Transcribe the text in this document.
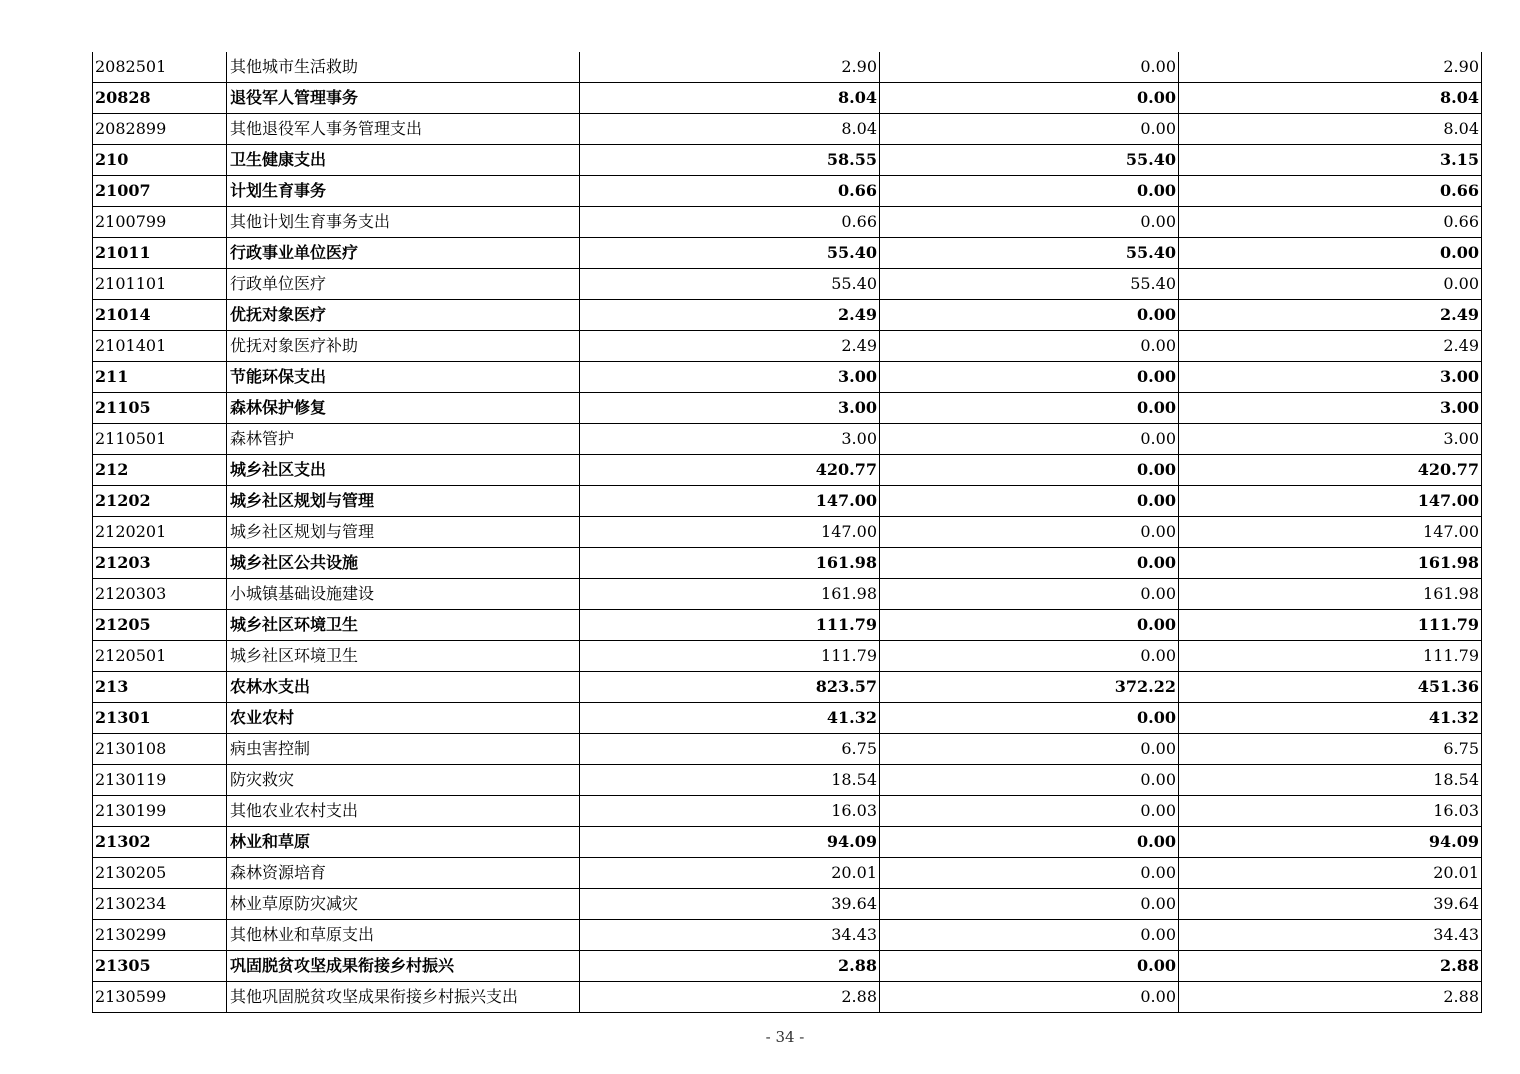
2082501	其他城市生活救助	2.90	0.00	2.90
20828	退役军人管理事务	8.04	0.00	8.04
2082899	其他退役军人事务管理支出	8.04	0.00	8.04
210	卫生健康支出	58.55	55.40	3.15
21007	计划生育事务	0.66	0.00	0.66
2100799	其他计划生育事务支出	0.66	0.00	0.66
21011	行政事业单位医疗	55.40	55.40	0.00
2101101	行政单位医疗	55.40	55.40	0.00
21014	优抚对象医疗	2.49	0.00	2.49
2101401	优抚对象医疗补助	2.49	0.00	2.49
211	节能环保支出	3.00	0.00	3.00
21105	森林保护修复	3.00	0.00	3.00
2110501	森林管护	3.00	0.00	3.00
212	城乡社区支出	420.77	0.00	420.77
21202	城乡社区规划与管理	147.00	0.00	147.00
2120201	城乡社区规划与管理	147.00	0.00	147.00
21203	城乡社区公共设施	161.98	0.00	161.98
2120303	小城镇基础设施建设	161.98	0.00	161.98
21205	城乡社区环境卫生	111.79	0.00	111.79
2120501	城乡社区环境卫生	111.79	0.00	111.79
213	农林水支出	823.57	372.22	451.36
21301	农业农村	41.32	0.00	41.32
2130108	病虫害控制	6.75	0.00	6.75
2130119	防灾救灾	18.54	0.00	18.54
2130199	其他农业农村支出	16.03	0.00	16.03
21302	林业和草原	94.09	0.00	94.09
2130205	森林资源培育	20.01	0.00	20.01
2130234	林业草原防灾减灾	39.64	0.00	39.64
2130299	其他林业和草原支出	34.43	0.00	34.43
21305	巩固脱贫攻坚成果衔接乡村振兴	2.88	0.00	2.88
2130599	其他巩固脱贫攻坚成果衔接乡村振兴支出	2.88	0.00	2.88
- 34 -
